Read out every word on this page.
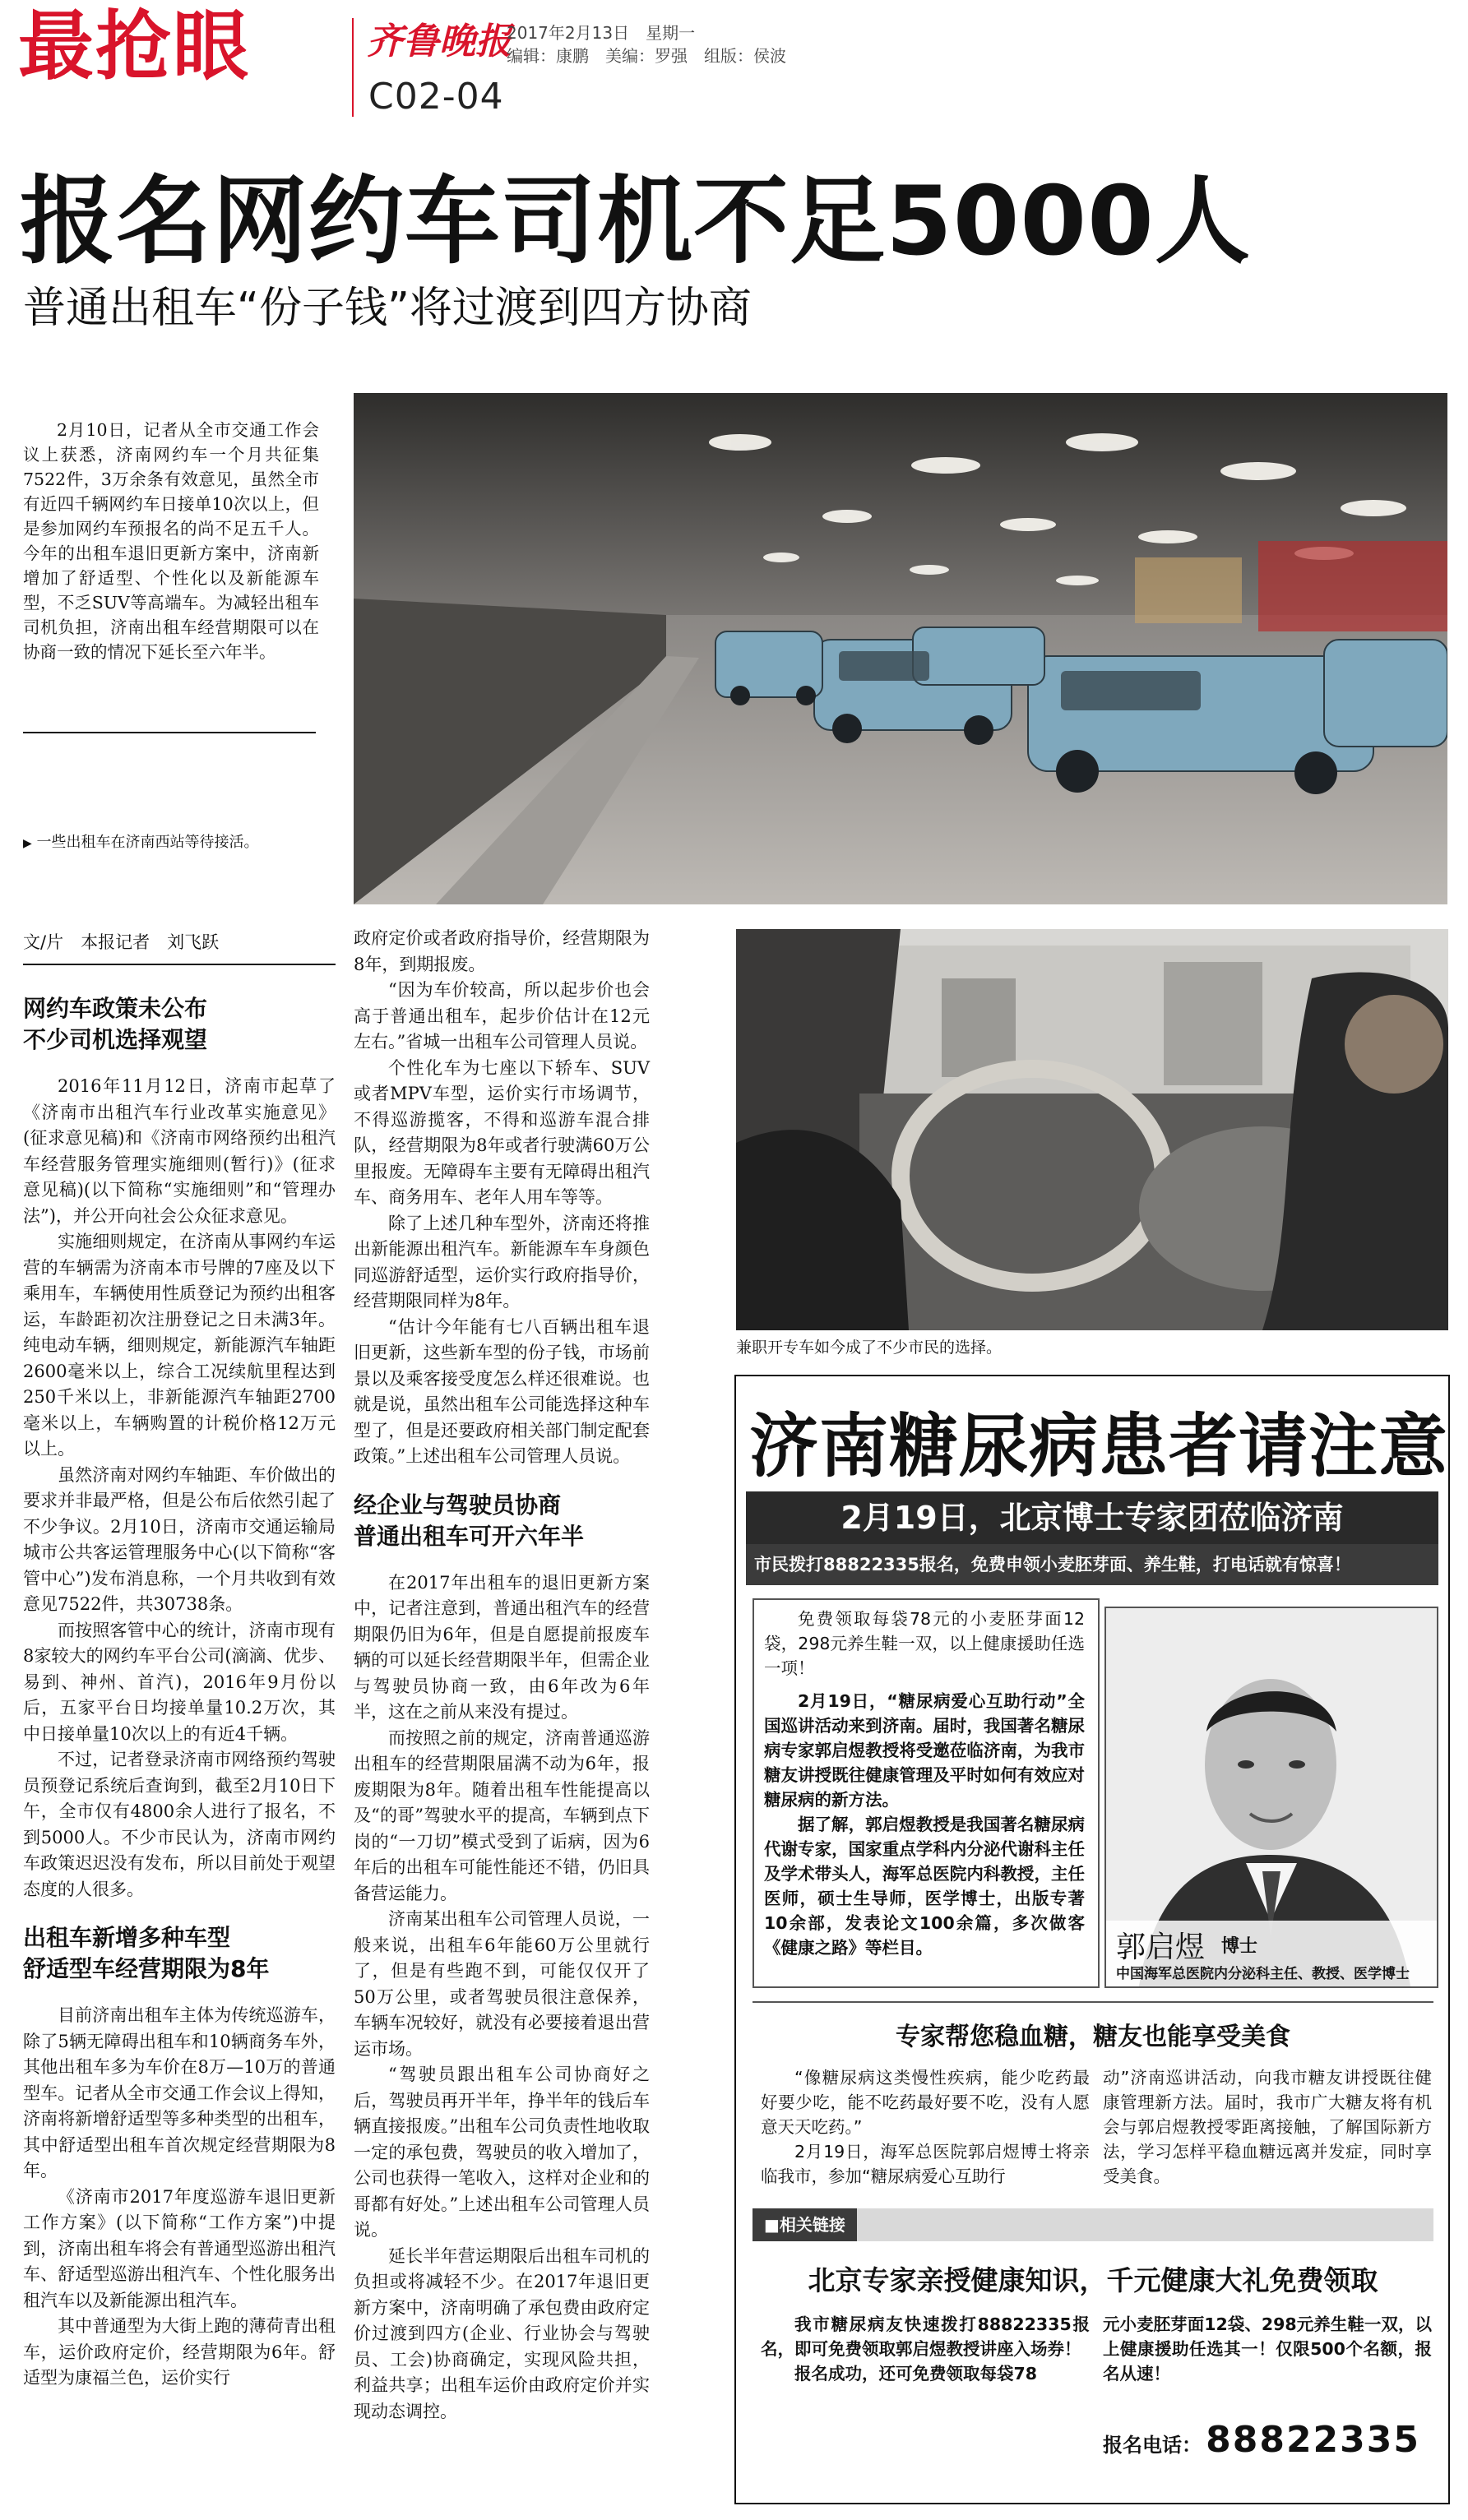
最抢眼	齐鲁晚报
2017年2月13日　星期一
编辑：康鹏　美编：罗强　组版：侯波
C02-04
报名网约车司机不足5000人
普通出租车“份子钱”将过渡到四方协商

2月10日，记者从全市交通工作会议上获悉，济南网约车一个月共征集7522件，3万余条有效意见，虽然全市有近四千辆网约车日接单10次以上，但是参加网约车预报名的尚不足五千人。今年的出租车退旧更新方案中，济南新增加了舒适型、个性化以及新能源车型，不乏SUV等高端车。为减轻出租车司机负担，济南出租车经营期限可以在协商一致的情况下延长至六年半。

▶ 一些出租车在济南西站等待接活。
文/片　本报记者　刘飞跃

网约车政策未公布

不少司机选择观望

2016年11月12日，济南市起草了《济南市出租汽车行业改革实施意见》(征求意见稿)和《济南市网络预约出租汽车经营服务管理实施细则(暂行)》(征求意见稿)(以下简称“实施细则”和“管理办法”)，并公开向社会公众征求意见。

实施细则规定，在济南从事网约车运营的车辆需为济南本市号牌的7座及以下乘用车，车辆使用性质登记为预约出租客运，车龄距初次注册登记之日未满3年。纯电动车辆，细则规定，新能源汽车轴距2600毫米以上，综合工况续航里程达到250千米以上，非新能源汽车轴距2700毫米以上，车辆购置的计税价格12万元以上。

虽然济南对网约车轴距、车价做出的要求并非最严格，但是公布后依然引起了不少争议。2月10日，济南市交通运输局城市公共客运管理服务中心(以下简称“客管中心”)发布消息称，一个月共收到有效意见7522件，共30738条。

而按照客管中心的统计，济南市现有8家较大的网约车平台公司(滴滴、优步、易到、神州、首汽)，2016年9月份以后，五家平台日均接单量10.2万次，其中日接单量10次以上的有近4千辆。

不过，记者登录济南市网络预约驾驶员预登记系统后查询到，截至2月10日下午，全市仅有4800余人进行了报名，不到5000人。不少市民认为，济南市网约车政策迟迟没有发布，所以目前处于观望态度的人很多。

出租车新增多种车型

舒适型车经营期限为8年

目前济南出租车主体为传统巡游车，除了5辆无障碍出租车和10辆商务车外，其他出租车多为车价在8万—10万的普通型车。记者从全市交通工作会议上得知，济南将新增舒适型等多种类型的出租车，其中舒适型出租车首次规定经营期限为8年。

《济南市2017年度巡游车退旧更新工作方案》(以下简称“工作方案”)中提到，济南出租车将会有普通型巡游出租汽车、舒适型巡游出租汽车、个性化服务出租汽车以及新能源出租汽车。

其中普通型为大街上跑的薄荷青出租车，运价政府定价，经营期限为6年。舒适型为康福兰色，运价实行

政府定价或者政府指导价，经营期限为8年，到期报废。

“因为车价较高，所以起步价也会高于普通出租车，起步价估计在12元左右。”省城一出租车公司管理人员说。

个性化车为七座以下轿车、SUV或者MPV车型，运价实行市场调节，不得巡游揽客，不得和巡游车混合排队，经营期限为8年或者行驶满60万公里报废。无障碍车主要有无障碍出租汽车、商务用车、老年人用车等等。

除了上述几种车型外，济南还将推出新能源出租汽车。新能源车车身颜色同巡游舒适型，运价实行政府指导价，经营期限同样为8年。

“估计今年能有七八百辆出租车退旧更新，这些新车型的份子钱，市场前景以及乘客接受度怎么样还很难说。也就是说，虽然出租车公司能选择这种车型了，但是还要政府相关部门制定配套政策。”上述出租车公司管理人员说。

经企业与驾驶员协商

普通出租车可开六年半

在2017年出租车的退旧更新方案中，记者注意到，普通出租汽车的经营期限仍旧为6年，但是自愿提前报废车辆的可以延长经营期限半年，但需企业与驾驶员协商一致，由6年改为6年半，这在之前从来没有提过。

而按照之前的规定，济南普通巡游出租车的经营期限届满不动为6年，报废期限为8年。随着出租车性能提高以及“的哥”驾驶水平的提高，车辆到点下岗的“一刀切”模式受到了诟病，因为6年后的出租车可能性能还不错，仍旧具备营运能力。

济南某出租车公司管理人员说，一般来说，出租车6年能60万公里就行了，但是有些跑不到，可能仅仅开了50万公里，或者驾驶员很注意保养，车辆车况较好，就没有必要接着退出营运市场。

“驾驶员跟出租车公司协商好之后，驾驶员再开半年，挣半年的钱后车辆直接报废。”出租车公司负责性地收取一定的承包费，驾驶员的收入增加了，公司也获得一笔收入，这样对企业和的哥都有好处。”上述出租车公司管理人员说。

延长半年营运期限后出租车司机的负担或将减轻不少。在2017年退旧更新方案中，济南明确了承包费由政府定价过渡到四方(企业、行业协会与驾驶员、工会)协商确定，实现风险共担，利益共享；出租车运价由政府定价并实现动态调控。

兼职开专车如今成了不少市民的选择。
济南糖尿病患者请注意
2月19日，北京博士专家团莅临济南
市民拨打88822335报名，免费申领小麦胚芽面、养生鞋，打电话就有惊喜！
免费领取每袋78元的小麦胚芽面12袋，298元养生鞋一双，以上健康援助任选一项！
2月19日，“糖尿病爱心互助行动”全国巡讲活动来到济南。届时，我国著名糖尿病专家郭启煜教授将受邀莅临济南，为我市糖友讲授既往健康管理及平时如何有效应对糖尿病的新方法。
据了解，郭启煜教授是我国著名糖尿病代谢专家，国家重点学科内分泌代谢科主任及学术带头人，海军总医院内科教授，主任医师，硕士生导师，医学博士，出版专著10余部，发表论文100余篇，多次做客《健康之路》等栏目。	郭启煜 博士
中国海军总医院内分泌科主任、教授、医学博士
专家帮您稳血糖，糖友也能享受美食
“像糖尿病这类慢性疾病，能少吃药最好要少吃，能不吃药最好要不吃，没有人愿意天天吃药。”
2月19日，海军总医院郭启煜博士将亲临我市，参加“糖尿病爱心互助行
动”济南巡讲活动，向我市糖友讲授既往健康管理新方法。届时，我市广大糖友将有机会与郭启煜教授零距离接触，了解国际新方法，学习怎样平稳血糖远离并发症，同时享受美食。
■相关链接
北京专家亲授健康知识，千元健康大礼免费领取
我市糖尿病友快速拨打88822335报名，即可免费领取郭启煜教授讲座入场券！
报名成功，还可免费领取每袋78
元小麦胚芽面12袋、298元养生鞋一双，以上健康援助任选其一！仅限500个名额，报名从速！
报名电话： 88822335
